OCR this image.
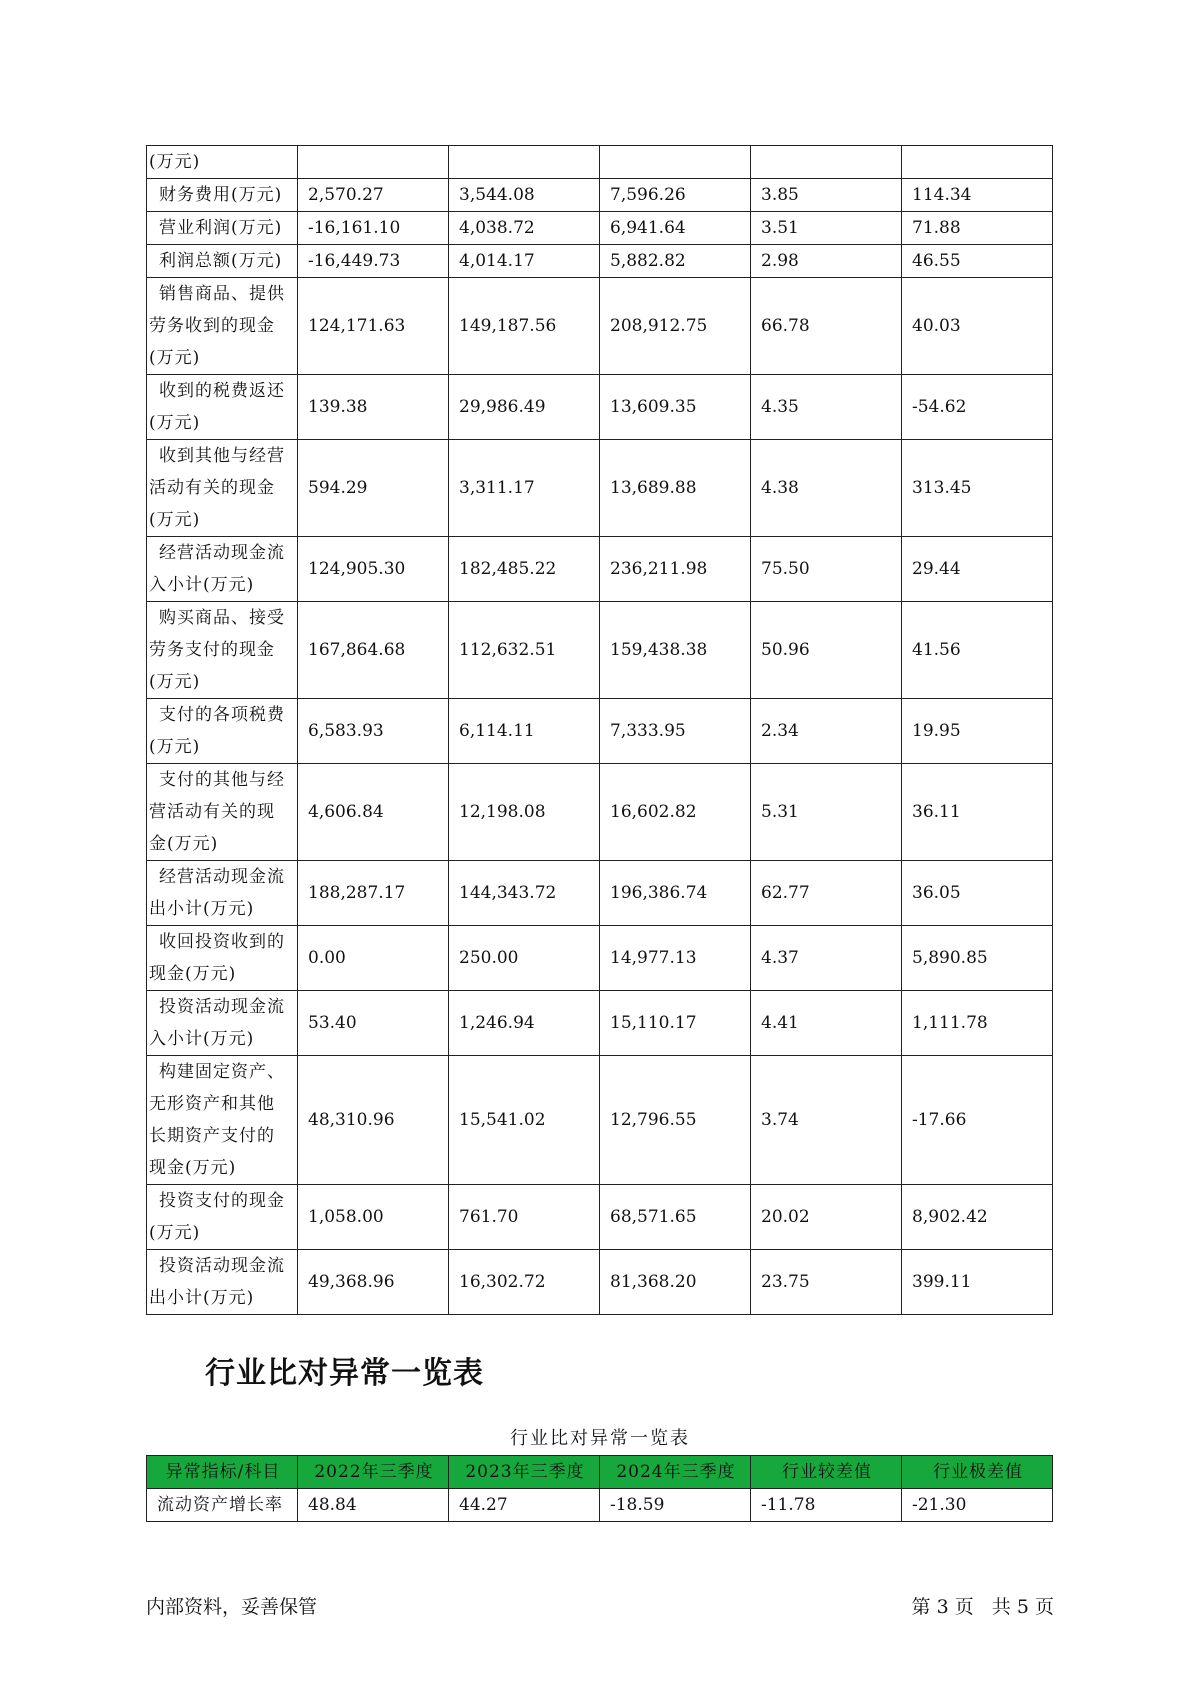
(万元)					

财务费用(万元)	2,570.27	3,544.08	7,596.26	3.85	114.34

营业利润(万元)	-16,161.10	4,038.72	6,941.64	3.51	71.88

利润总额(万元)	-16,449.73	4,014.17	5,882.82	2.98	46.55

销售商品、提供
劳务收到的现金
(万元)	124,171.63	149,187.56	208,912.75	66.78	40.03

收到的税费返还
(万元)	139.38	29,986.49	13,609.35	4.35	-54.62

收到其他与经营
活动有关的现金
(万元)	594.29	3,311.17	13,689.88	4.38	313.45

经营活动现金流
入小计(万元)	124,905.30	182,485.22	236,211.98	75.50	29.44

购买商品、接受
劳务支付的现金
(万元)	167,864.68	112,632.51	159,438.38	50.96	41.56

支付的各项税费
(万元)	6,583.93	6,114.11	7,333.95	2.34	19.95

支付的其他与经
营活动有关的现
金(万元)	4,606.84	12,198.08	16,602.82	5.31	36.11

经营活动现金流
出小计(万元)	188,287.17	144,343.72	196,386.74	62.77	36.05

收回投资收到的
现金(万元)	0.00	250.00	14,977.13	4.37	5,890.85

投资活动现金流
入小计(万元)	53.40	1,246.94	15,110.17	4.41	1,111.78

构建固定资产、
无形资产和其他
长期资产支付的
现金(万元)	48,310.96	15,541.02	12,796.55	3.74	-17.66

投资支付的现金
(万元)	1,058.00	761.70	68,571.65	20.02	8,902.42

投资活动现金流
出小计(万元)	49,368.96	16,302.72	81,368.20	23.75	399.11
行业比对异常一览表
行业比对异常一览表
异常指标/科目	2022年三季度	2023年三季度	2024年三季度	行业较差值	行业极差值
流动资产增长率	48.84	44.27	-18.59	-11.78	-21.30
内部资料，妥善保管	第 3 页   共 5 页
